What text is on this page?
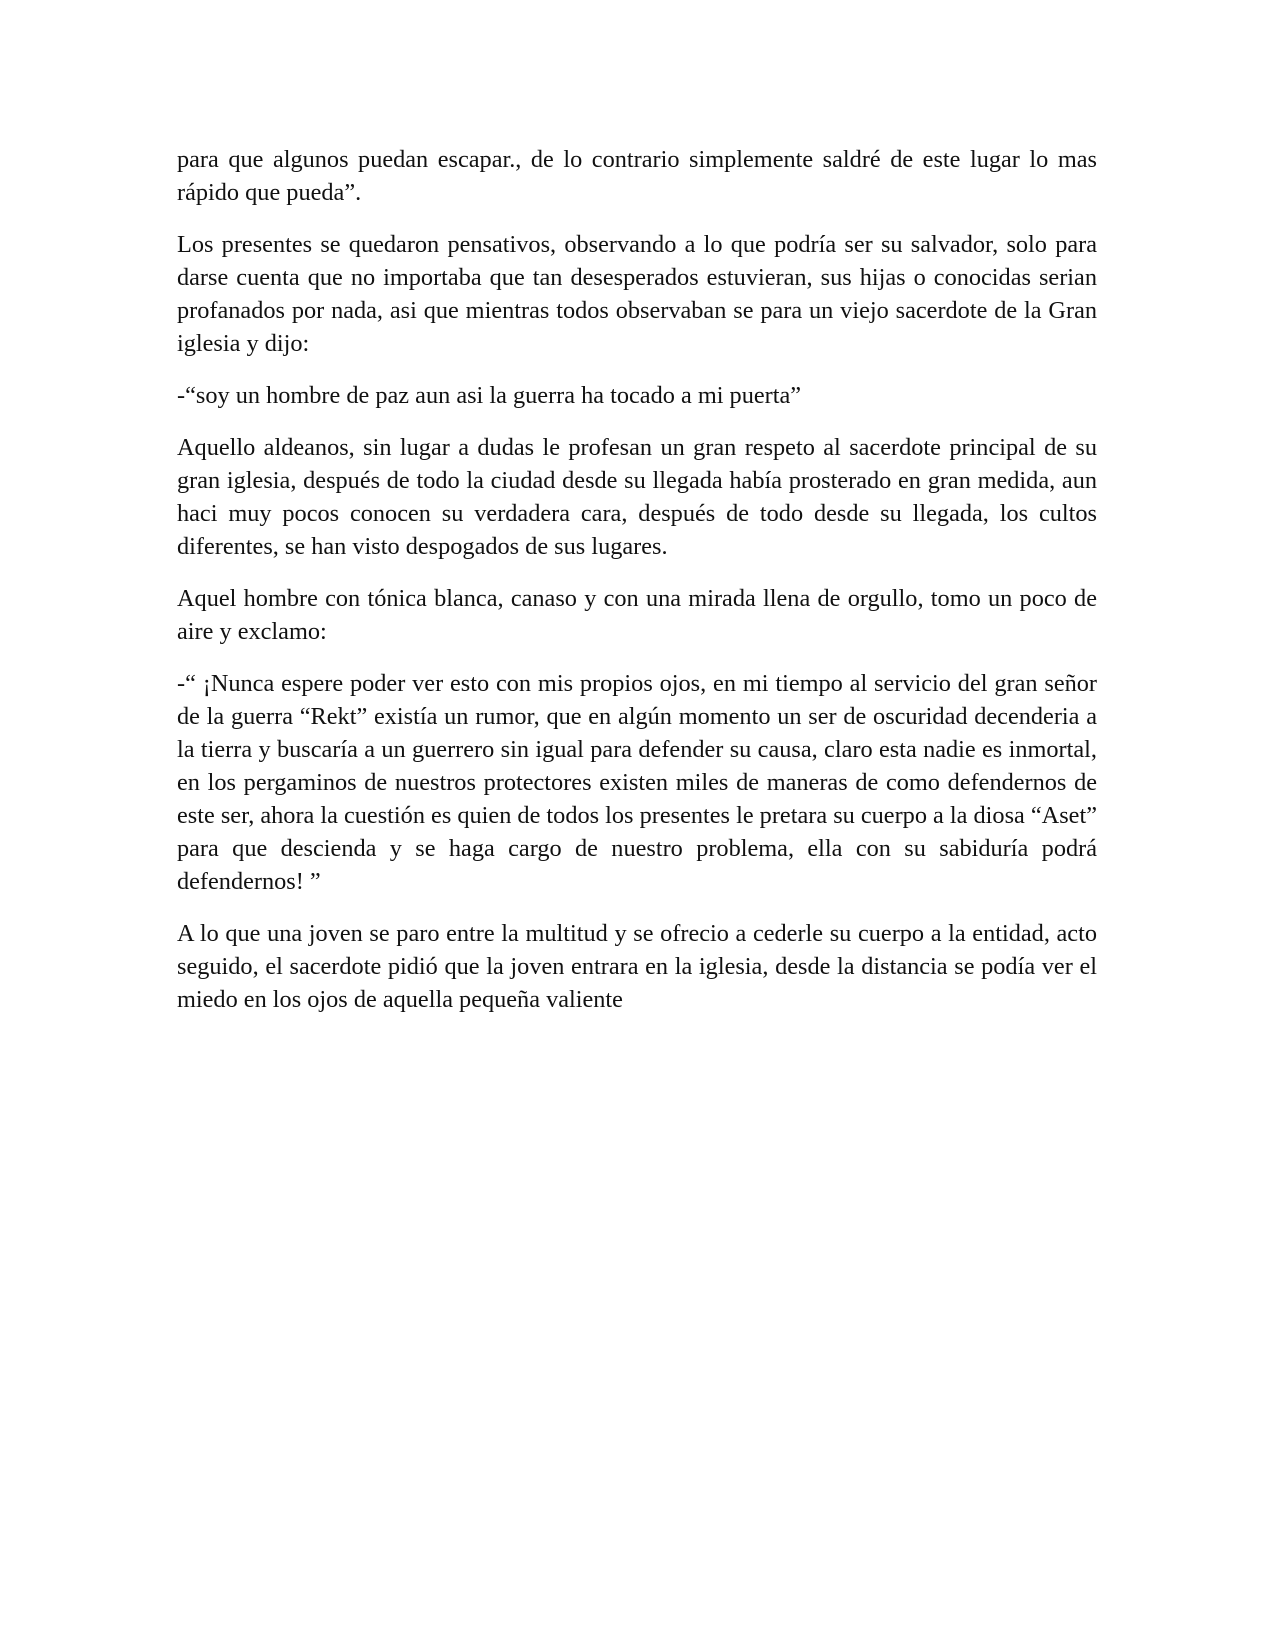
para que algunos puedan escapar., de lo contrario simplemente saldré de este lugar lo mas rápido que pueda”.

Los presentes se quedaron pensativos, observando a lo que podría ser su salvador, solo para darse cuenta que no importaba que tan desesperados estuvieran, sus hijas o conocidas serian profanados por nada, asi que mientras todos observaban se para un viejo sacerdote de la Gran iglesia y dijo:

-“soy un hombre de paz aun asi la guerra ha tocado a mi puerta”

Aquello aldeanos, sin lugar a dudas le profesan un gran respeto al sacerdote principal de su gran iglesia, después de todo la ciudad desde su llegada había prosterado en gran medida, aun haci muy pocos conocen su verdadera cara, después de todo desde su llegada, los cultos diferentes, se han visto despogados de sus lugares.

Aquel hombre con tónica blanca, canaso y con una mirada llena de orgullo, tomo un poco de aire y exclamo:

-“ ¡Nunca espere poder ver esto con mis propios ojos, en mi tiempo al servicio del gran señor de la guerra “Rekt” existía un rumor, que en algún momento un ser de oscuridad decenderia a la tierra y buscaría a un guerrero sin igual para defender su causa, claro esta nadie es inmortal, en los pergaminos de nuestros protectores existen miles de maneras de como defendernos de este ser, ahora la cuestión es quien de todos los presentes le pretara su cuerpo a la diosa “Aset” para que descienda y se haga cargo de nuestro problema, ella con su sabiduría podrá defendernos! ”

A lo que una joven se paro entre la multitud y se ofrecio a cederle su cuerpo a la entidad, acto seguido, el sacerdote pidió que la joven entrara en la iglesia, desde la distancia se podía ver el miedo en los ojos de aquella pequeña valiente
